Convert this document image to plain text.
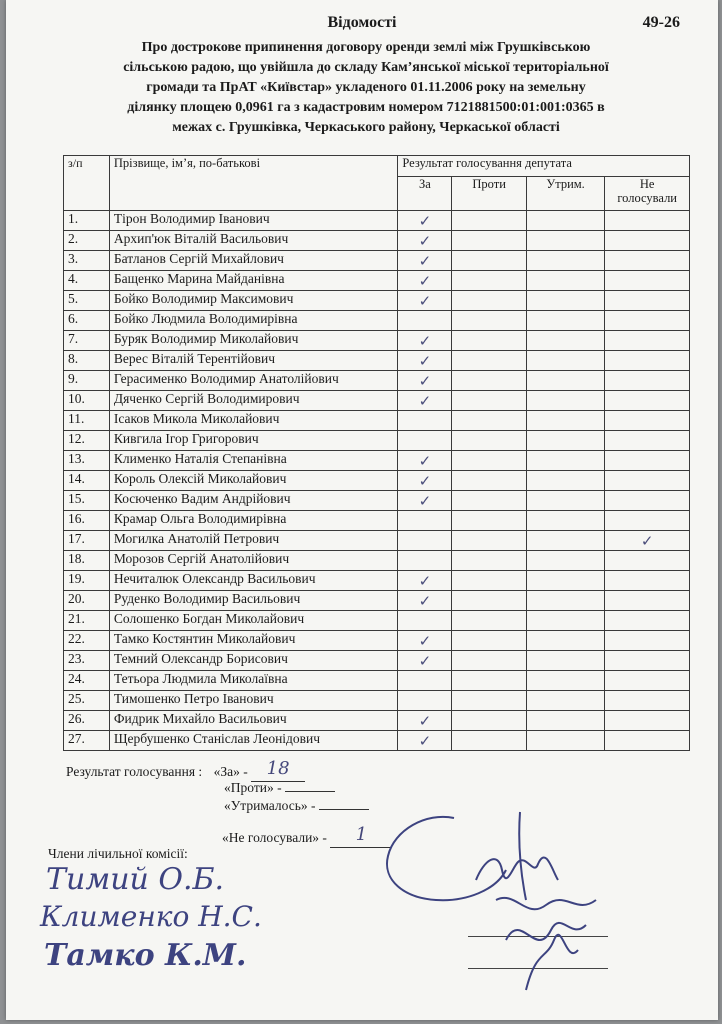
Відомості	49-26
Про дострокове припинення договору оренди землі між Грушківською
сільською радою, що увійшла до складу Кам’янської міської територіальної
громади та ПрАТ «Київстар» укладеного 01.11.2006 року на земельну
ділянку площею 0,0961 га з кадастровим номером 7121881500:01:001:0365 в
межах с. Грушківка, Черкаського району, Черкаської області
з/п	Прізвище, ім’я, по-батькові	Результат голосування депутата			
		За	Проти	Утрим.	Не голосували
1.	Тірон Володимир Іванович	✓			
2.	Архип'юк Віталій Васильович	✓			
3.	Батланов Сергій Михайлович	✓			
4.	Бащенко Марина Майданівна	✓			
5.	Бойко Володимир Максимович	✓			
6.	Бойко Людмила Володимирівна				
7.	Буряк Володимир Миколайович	✓			
8.	Верес Віталій Терентійович	✓			
9.	Герасименко Володимир Анатолійович	✓			
10.	Дяченко Сергій Володимирович	✓			
11.	Ісаков Микола Миколайович				
12.	Кивгила Ігор Григорович				
13.	Клименко Наталія Степанівна	✓			
14.	Король Олексій Миколайович	✓			
15.	Косюченко Вадим Андрійович	✓			
16.	Крамар Ольга Володимирівна				
17.	Могилка Анатолій Петрович				✓
18.	Морозов Сергій Анатолійович				
19.	Нечиталюк Олександр Васильович	✓			
20.	Руденко Володимир Васильович	✓			
21.	Солошенко Богдан Миколайович				
22.	Тамко Костянтин Миколайович	✓			
23.	Темний Олександр Борисович	✓			
24.	Тетьора Людмила Миколаївна				
25.	Тимошенко Петро Іванович				
26.	Фидрик Михайло Васильович	✓			
27.	Щербушенко Станіслав Леонідович	✓			
Результат голосування : «За» - 18
«Проти» -
«Утрималось» -
«Не голосували» - 1
Члени лічильної комісії:
Тимий О.Б.
Клименко Н.С.
Тамко К.М.
